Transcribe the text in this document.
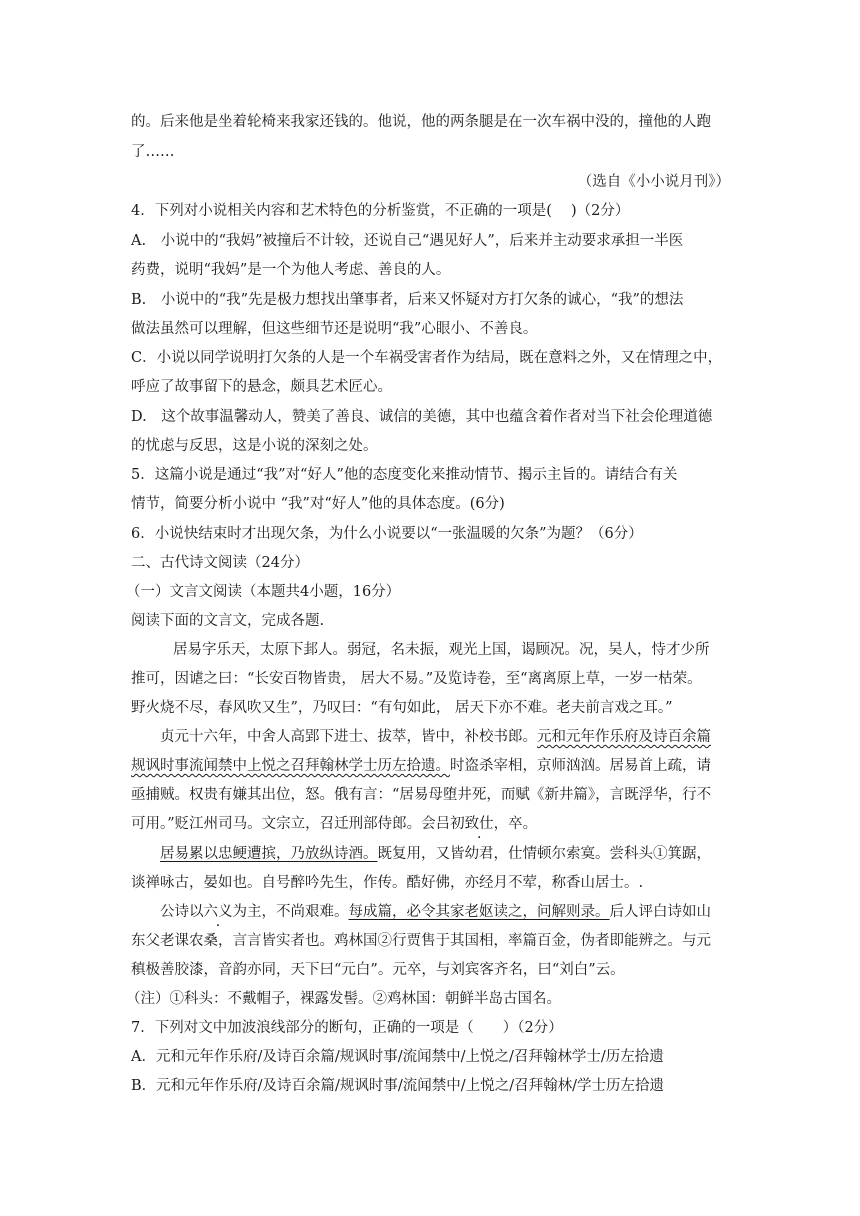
的。后来他是坐着轮椅来我家还钱的。他说，他的两条腿是在一次车祸中没的，撞他的人跑
了……
（选自《小小说月刊》）
4．下列对小说相关内容和艺术特色的分析鉴赏，不正确的一项是(　 )（2分）
A.　小说中的“我妈”被撞后不计较，还说自己“遇见好人”，后来并主动要求承担一半医
药费，说明“我妈”是一个为他人考虑、善良的人。
B.　小说中的“我”先是极力想找出肇事者，后来又怀疑对方打欠条的诚心，“我”的想法
做法虽然可以理解，但这些细节还是说明“我”心眼小、不善良。
C．小说以同学说明打欠条的人是一个车祸受害者作为结局，既在意料之外，又在情理之中，
呼应了故事留下的悬念，颇具艺术匠心。
D.　这个故事温馨动人，赞美了善良、诚信的美德，其中也蕴含着作者对当下社会伦理道德
的忧虑与反思，这是小说的深刻之处。
5．这篇小说是通过“我”对“好人”他的态度变化来推动情节、揭示主旨的。请结合有关
情节，简要分析小说中 “我”对“好人”他的具体态度。(6分)
6．小说快结束时才出现欠条，为什么小说要以“一张温暖的欠条”为题？（6分）
二、古代诗文阅读（24分）
（一）文言文阅读（本题共4小题，16分）
阅读下面的文言文，完成各题.
居易字乐天，太原下邽人。弱冠，名未振，观光上国，谒顾况。况，吴人，恃才少所
推可，因谑之曰：“长安百物皆贵， 居大不易。”及览诗卷，至“离离原上草，一岁一枯荣。
野火烧不尽，春风吹又生”，乃叹曰：“有句如此， 居天下亦不难。老夫前言戏之耳。”
贞元十六年，中舍人高郢下进士、拔萃，皆中，补校书郎。元和元年作乐府及诗百余篇
规讽时事流闻禁中上悦之召拜翰林学士历左拾遗。时盗杀宰相，京师汹汹。居易首上疏，请
亟捕贼。权贵有嫌其出位，怒。俄有言：“居易母堕井死，而赋《新井篇》，言既浮华，行不
可用。”贬江州司马。文宗立，召迁刑部侍郎。会吕初致仕，卒。
居易累以忠鲠遭摈，乃放纵诗酒。既复用，又皆幼君，仕情顿尔索寞。尝科头①箕踞，
谈禅咏古，晏如也。自号醉吟先生，作传。酷好佛，亦经月不荤，称香山居士。.
公诗以六义为主，不尚艰难。每成篇，必令其家老妪读之，问解则录。后人评白诗如山
东父老课农桑，言言皆实者也。鸡林国②行贾售于其国相，率篇百金，伪者即能辨之。与元
稹极善胶漆，音韵亦同，天下曰“元白”。元卒，与刘宾客齐名，曰“刘白”云。
（注）①科头：不戴帽子，裸露发髻。②鸡林国：朝鲜半岛古国名。
7．下列对文中加波浪线部分的断句，正确的一项是（　　）（2分）
A．元和元年作乐府/及诗百余篇/规讽时事/流闻禁中/上悦之/召拜翰林学士/历左拾遗
B．元和元年作乐府/及诗百余篇/规讽时事/流闻禁中/上悦之/召拜翰林/学士历左拾遗
